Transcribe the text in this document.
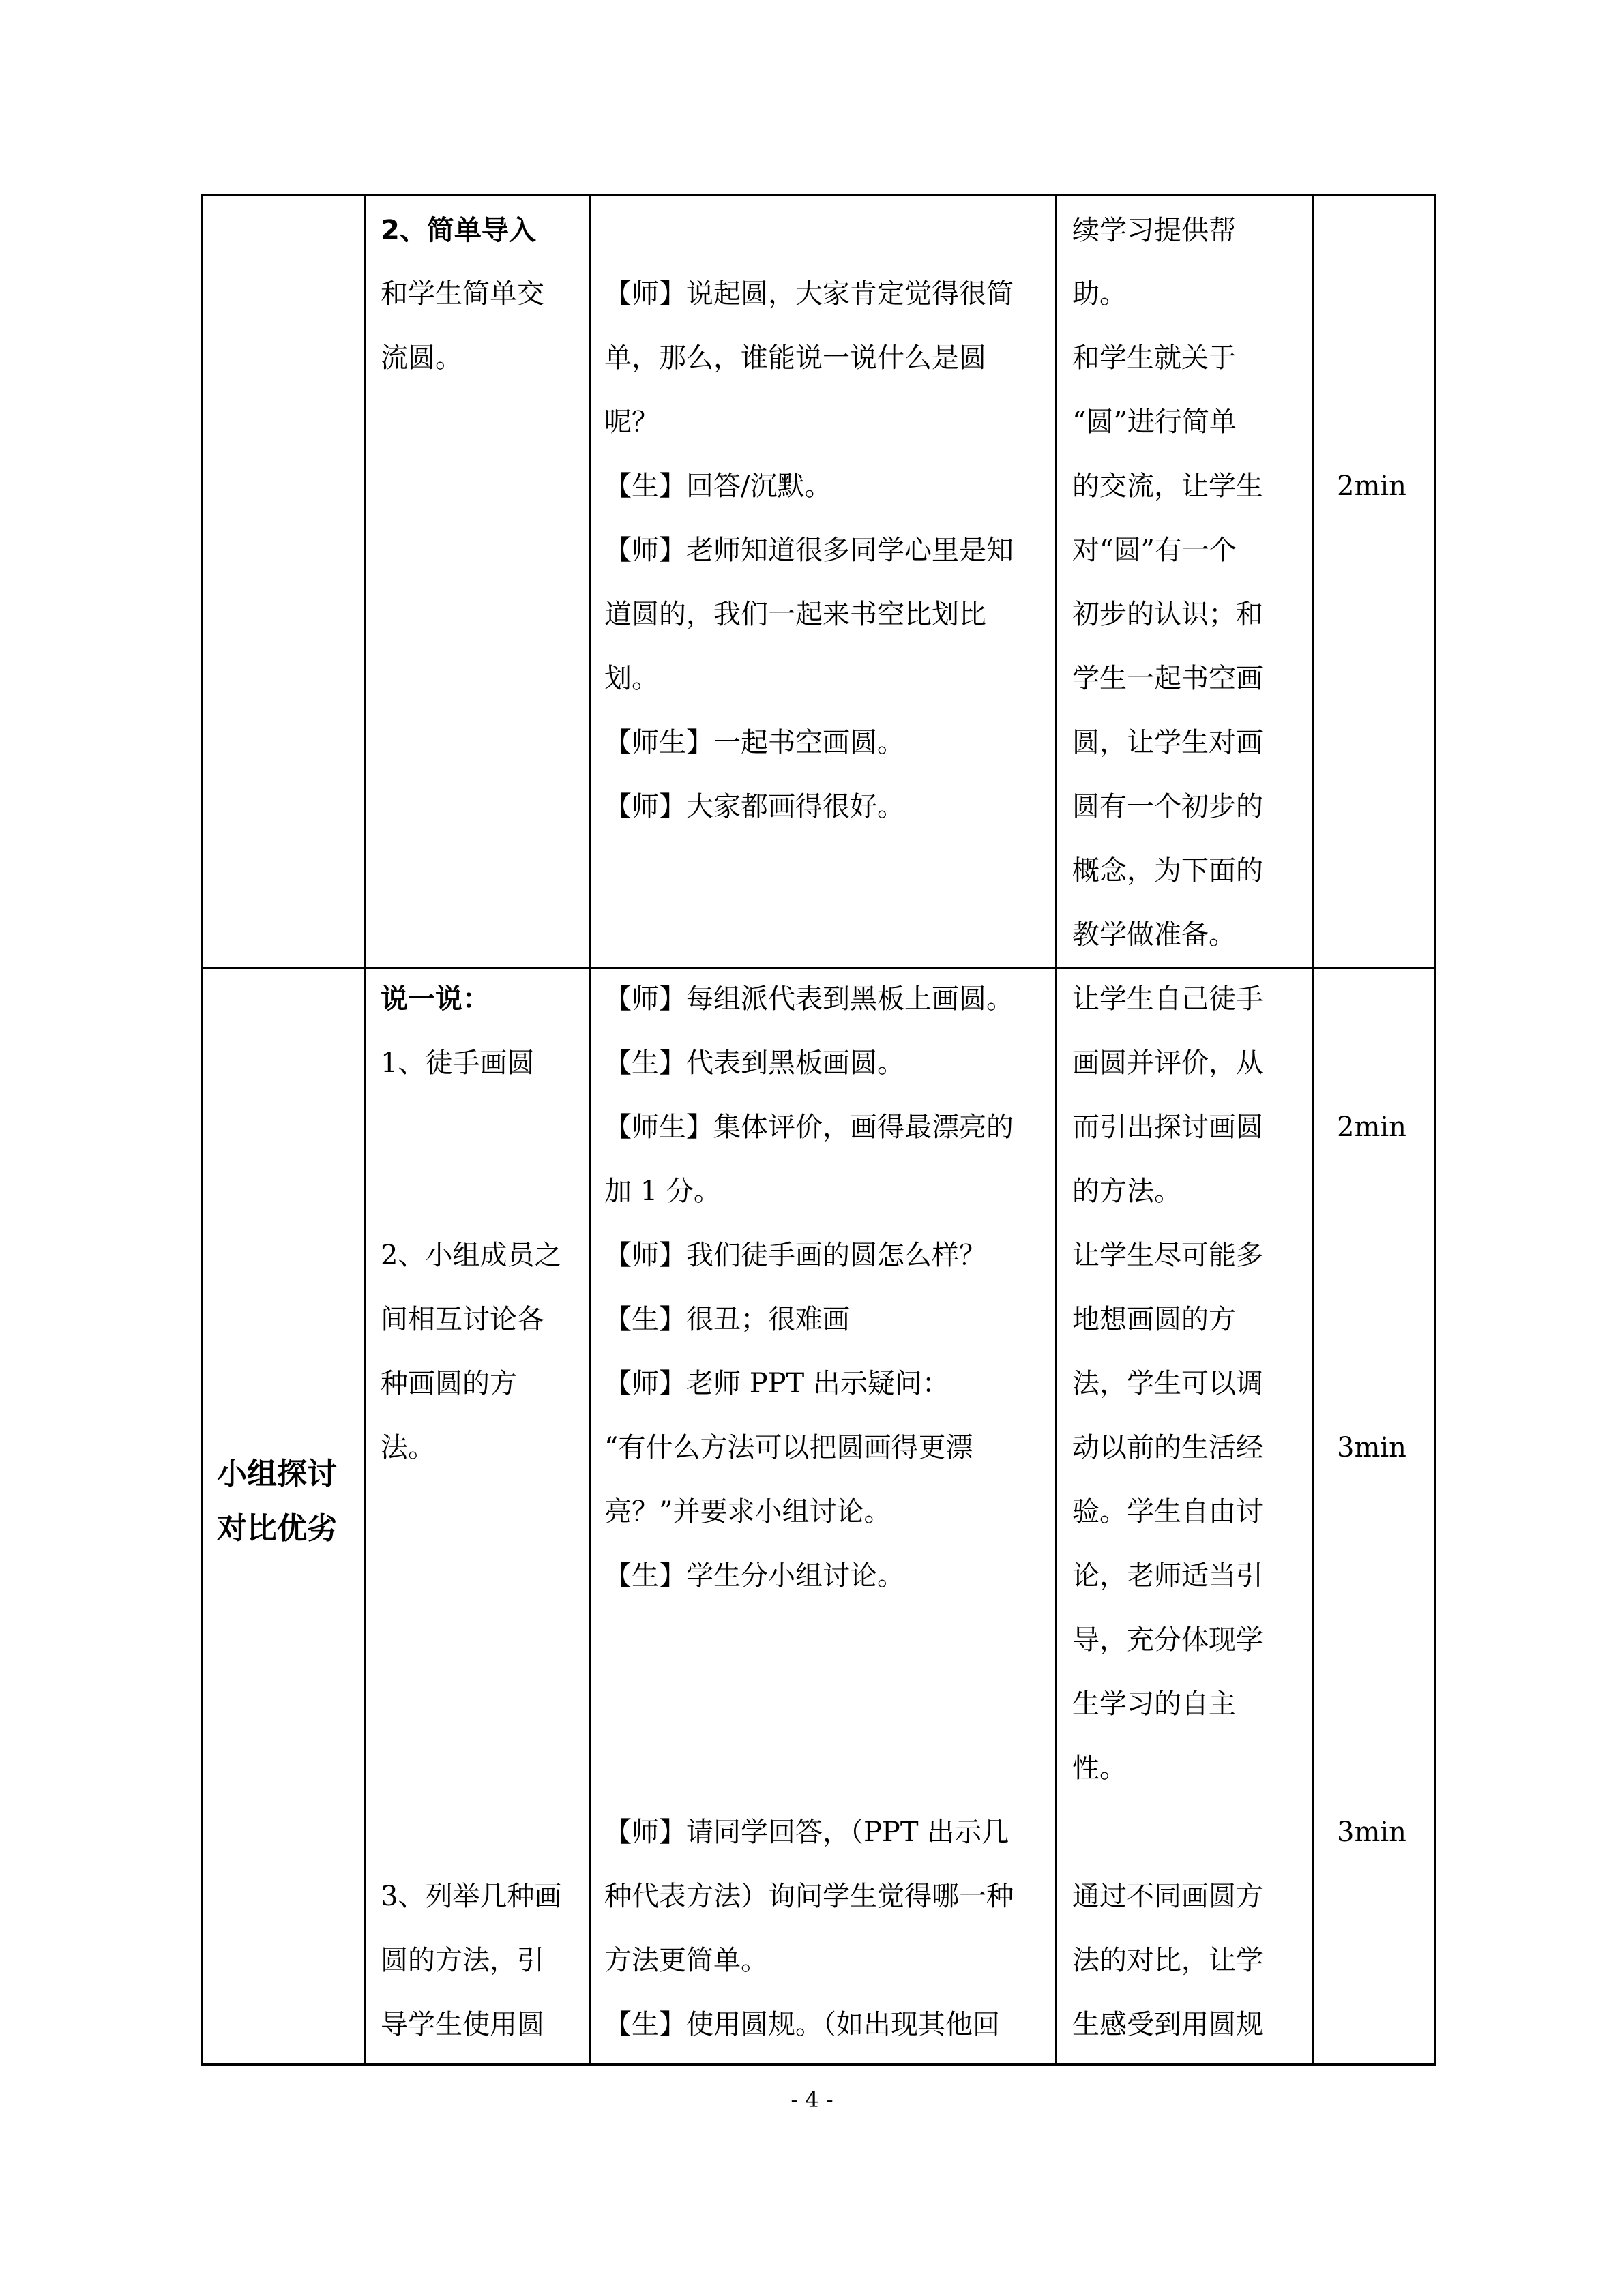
2、简单导入
和学生简单交
流圆。
【师】说起圆，大家肯定觉得很简
单，那么，谁能说一说什么是圆
呢？
【生】回答/沉默。
【师】老师知道很多同学心里是知
道圆的，我们一起来书空比划比
划。
【师生】一起书空画圆。
【师】大家都画得很好。
续学习提供帮
助。
和学生就关于
“圆”进行简单
的交流，让学生
对“圆”有一个
初步的认识；和
学生一起书空画
圆，让学生对画
圆有一个初步的
概念，为下面的
教学做准备。
2min
小组探讨
对比优劣
说一说：
1、徒手画圆
2、小组成员之
间相互讨论各
种画圆的方
法。
3、列举几种画
圆的方法，引
导学生使用圆
【师】每组派代表到黑板上画圆。
【生】代表到黑板画圆。
【师生】集体评价，画得最漂亮的
加 1 分。
【师】我们徒手画的圆怎么样？
【生】很丑；很难画
【师】老师 PPT 出示疑问：
“有什么方法可以把圆画得更漂
亮？”并要求小组讨论。
【生】学生分小组讨论。
【师】请同学回答，（PPT 出示几
种代表方法）询问学生觉得哪一种
方法更简单。
【生】使用圆规。（如出现其他回
让学生自己徒手
画圆并评价，从
而引出探讨画圆
的方法。
让学生尽可能多
地想画圆的方
法，学生可以调
动以前的生活经
验。学生自由讨
论，老师适当引
导，充分体现学
生学习的自主
性。
通过不同画圆方
法的对比，让学
生感受到用圆规
2min
3min
3min
- 4 -
